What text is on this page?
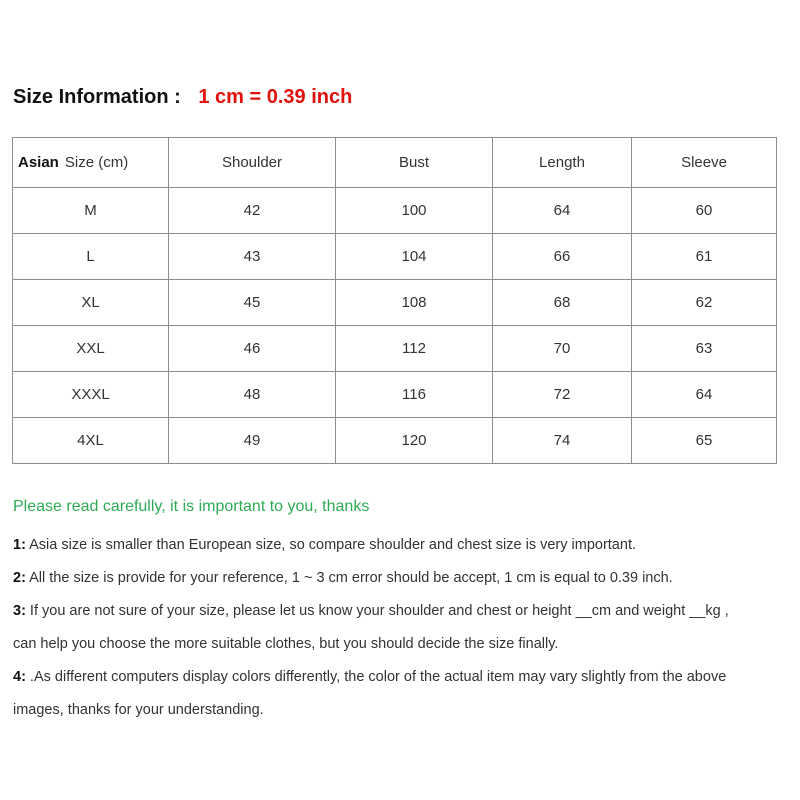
Size Information : 1 cm = 0.39 inch
Asian Size (cm)	Shoulder	Bust	Length	Sleeve
M	42	100	64	60
L	43	104	66	61
XL	45	108	68	62
XXL	46	112	70	63
XXXL	48	116	72	64
4XL	49	120	74	65
Please read carefully, it is important to you, thanks

1: Asia size is smaller than European size, so compare shoulder and chest size is very important.

2: All the size is provide for your reference, 1 ~ 3 cm error should be accept, 1 cm is equal to 0.39 inch.

3: If you are not sure of your size, please let us know your shoulder and chest or height __cm and weight __kg ,

can help you choose the more suitable clothes, but you should decide the size finally.

4: .As different computers display colors differently, the color of the actual item may vary slightly from the above

images, thanks for your understanding.
